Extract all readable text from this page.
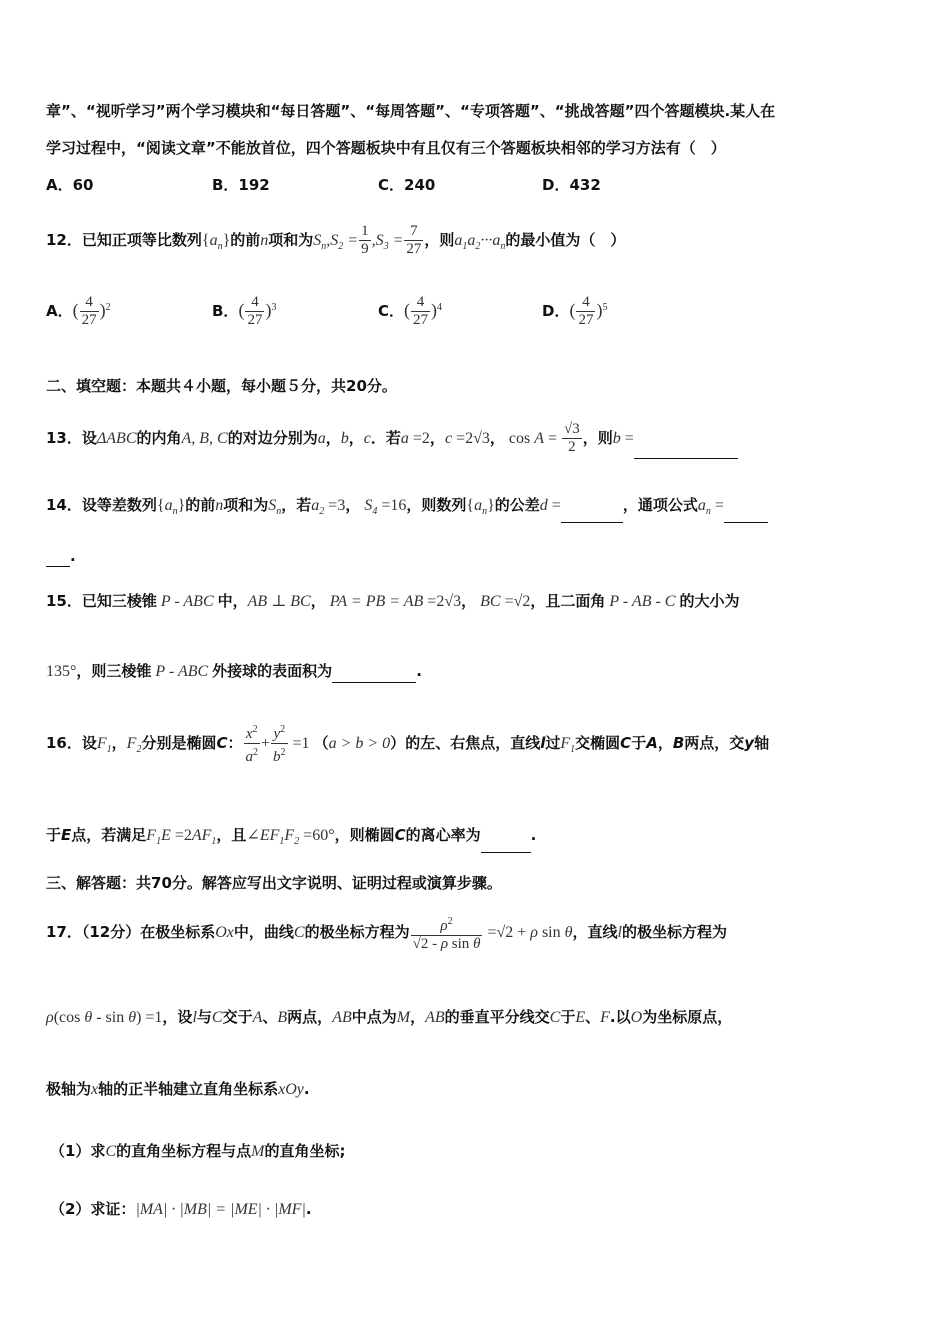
章”、“视听学习”两个学习模块和“每日答题”、“每周答题”、“专项答题”、“挑战答题”四个答题模块.某人在
学习过程中，“阅读文章”不能放首位，四个答题板块中有且仅有三个答题板块相邻的学习方法有（　）
A．60	B．192	C．240	D．432
12．已知正项等比数列$\{a_n\}$的前n项和为$S_n,S_2 = \frac{1}{9} ,S_3 = \frac{7}{27}$ ，则$a_1a_2\cdot\cdot\cdot a_n$的最小值为（　）
A．( $\frac{4}{27} )^2$	B．( $\frac{4}{27} )^3$	C．( $\frac{4}{27} )^4$	D．( $\frac{4}{27} )^5$
二、填空题：本题共４小题，每小题５分，共20分。
13．设ΔABC的内角A, B, C的对边分别为a，b，c．若a =2，c =2√3， $\cos A = \frac{√3}{2}$ ，则b =
14．设等差数列$\{a_n\}$的前n项和为$S_n$，若$a_2 =3$， $S_4 =16$，则数列$\{a_n\}$的公差d =	，通项公式$a_n$ =
.
15．已知三棱锥 P - ABC 中，AB ⊥ BC， PA = PB = AB =2√3， BC =√2，且二面角 P - AB - C 的大小为
135°，则三棱锥 P - ABC 外接球的表面积为	.
16．设$F_1$，$F_2$分别是椭圆C： $\frac{x^2}{a^2} + \frac{y^2}{b^2} =1$ （a > b > 0）的左、右焦点，直线l过$F_1$交椭圆C于A，B两点，交y轴
于E点，若满足$F_1E =2AF_1$，且$\angle EF_1F_2 =60^\circ$，则椭圆C的离心率为	.
三、解答题：共70分。解答应写出文字说明、证明过程或演算步骤。
17．（12分）在极坐标系Ox中，曲线C的极坐标方程为 $\frac{\rho^2}{\text{√2 - ρ sin θ}} =√2 + \rho$ sin θ，直线l的极坐标方程为
ρ(cos θ - sin θ) =1，设l与C交于A、B两点，AB中点为M，AB的垂直平分线交C于E、F.以O为坐标原点，
极轴为x轴的正半轴建立直角坐标系xOy.
（1）求C的直角坐标方程与点M的直角坐标;
（2）求证：|MA| · |MB| = |ME| · |MF|.
